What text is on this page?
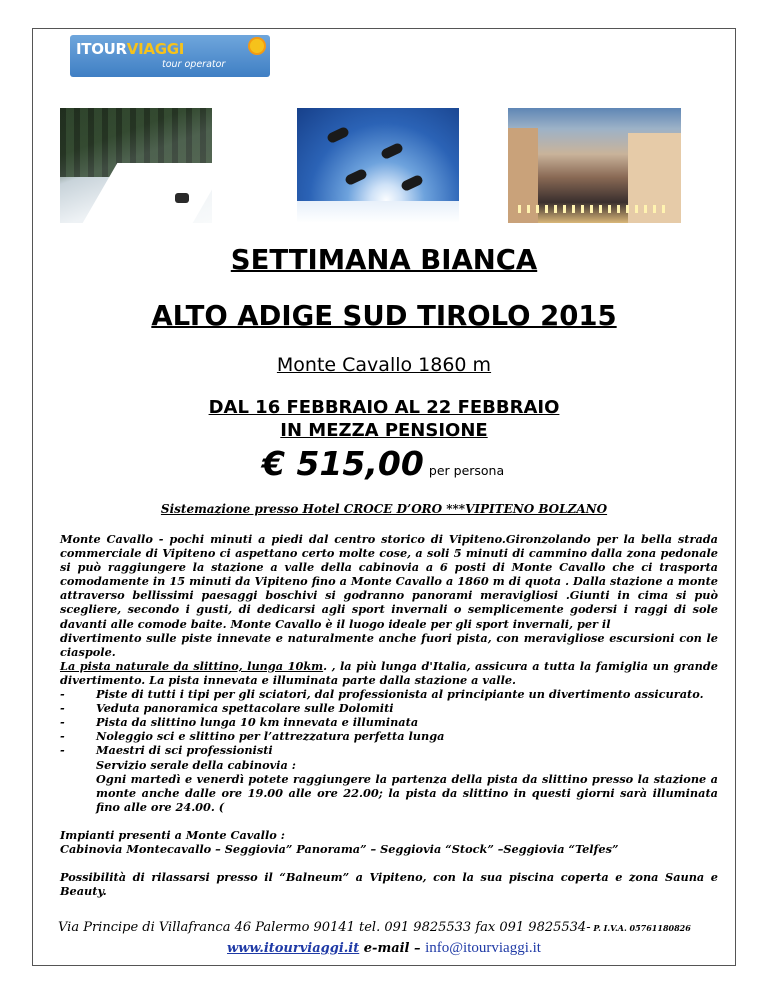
ITOURVIAGGI
tour operator
SETTIMANA BIANCA
ALTO ADIGE SUD TIROLO 2015
Monte Cavallo 1860 m
DAL 16 FEBBRAIO AL 22 FEBBRAIO
IN MEZZA PENSIONE
€ 515,00 per persona
Sistemazione presso Hotel CROCE D’ORO ***VIPITENO BOLZANO

Monte Cavallo - pochi minuti a piedi dal centro storico di Vipiteno.Gironzolando per la bella strada commerciale di Vipiteno ci aspettano certo molte cose, a soli 5 minuti di cammino dalla zona pedonale si può raggiungere la stazione a valle della cabinovia a 6 posti di Monte Cavallo che ci trasporta comodamente in 15 minuti da Vipiteno fino a Monte Cavallo a 1860 m di quota . Dalla stazione a monte attraverso bellissimi paesaggi boschivi si godranno panorami meravigliosi .Giunti in cima si può scegliere, secondo i gusti, di dedicarsi agli sport invernali o semplicemente godersi i raggi di sole davanti alle comode baite. Monte Cavallo è il luogo ideale per gli sport invernali, per il

divertimento sulle piste innevate e naturalmente anche fuori pista, con meravigliose escursioni con le ciaspole.

La pista naturale da slittino, lunga 10km. , la più lunga d'Italia, assicura a tutta la famiglia un grande divertimento. La pista innevata e illuminata parte dalla stazione a valle.

- Piste di tutti i tipi per gli sciatori, dal professionista al principiante un divertimento assicurato.
- Veduta panoramica spettacolare sulle Dolomiti
- Pista da slittino lunga 10 km innevata e illuminata
- Noleggio sci e slittino per l’attrezzatura perfetta lunga
- Maestri di sci professionisti

Servizio serale della cabinovia :

Ogni martedì e venerdì potete raggiungere la partenza della pista da slittino presso la stazione a monte anche dalle ore 19.00 alle ore 22.00; la pista da slittino in questi giorni sarà illuminata fino alle ore 24.00. (

Impianti presenti a Monte Cavallo :

Cabinovia Montecavallo – Seggiovia” Panorama” – Seggiovia “Stock” –Seggiovia “Telfes”

Possibilità di rilassarsi presso il “Balneum” a Vipiteno, con la sua piscina coperta e zona Sauna e Beauty.

Via Principe di Villafranca 46 Palermo 90141 tel. 091 9825533 fax 091 9825534- P. I.V.A. 05761180826
www.itourviaggi.it e-mail – info@itourviaggi.it
